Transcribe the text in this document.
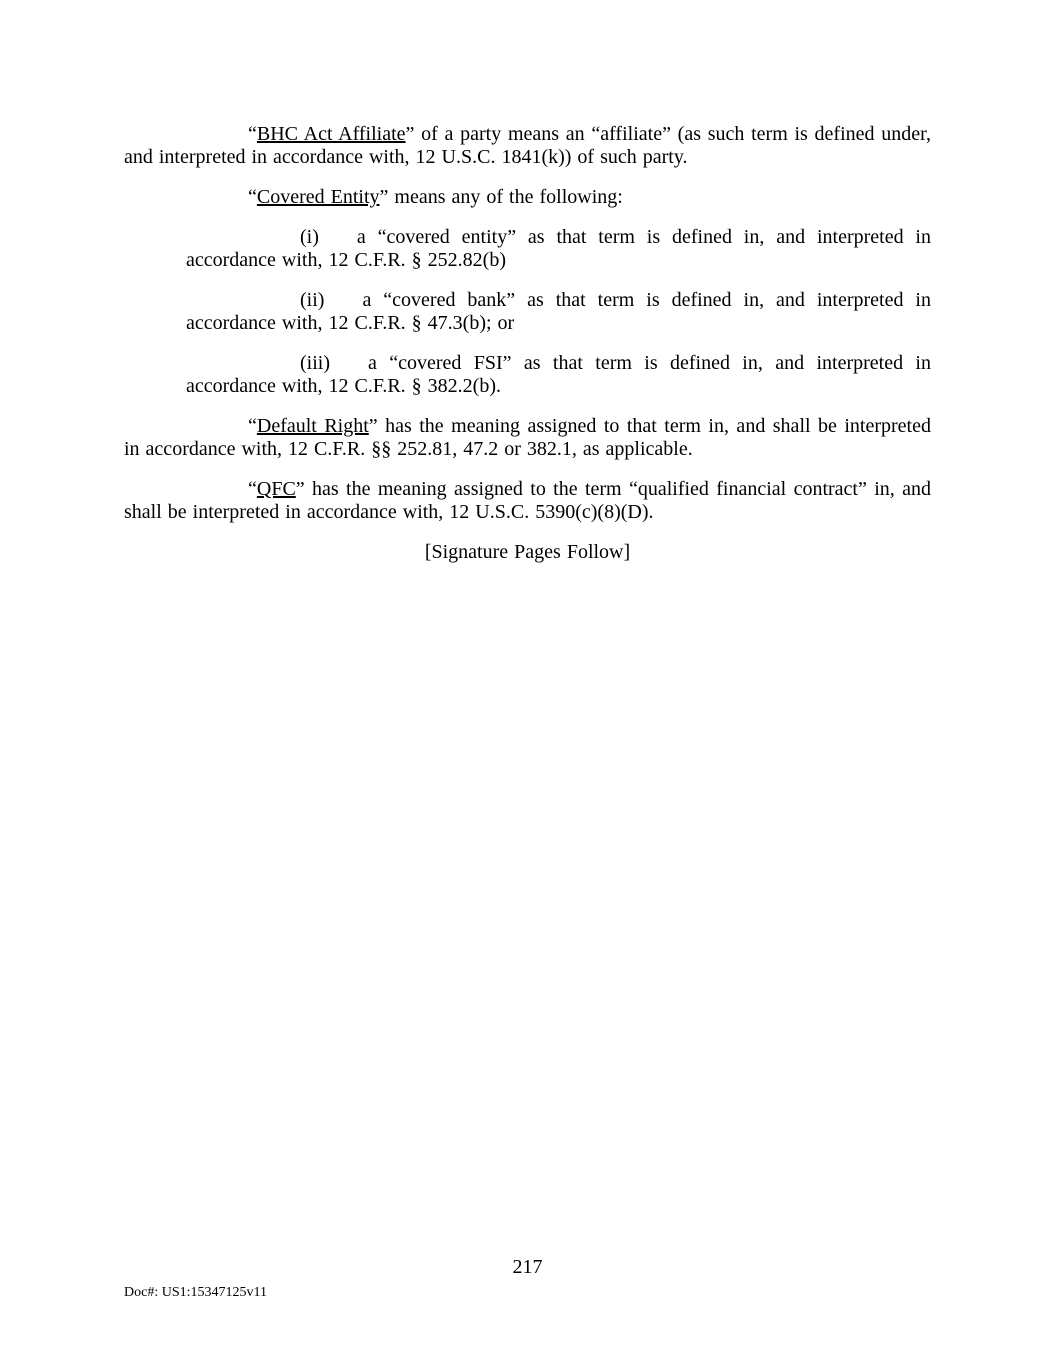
“BHC Act Affiliate” of a party means an “affiliate” (as such term is defined under, and interpreted in accordance with, 12 U.S.C. 1841(k)) of such party.

“Covered Entity” means any of the following:

(i) a “covered entity” as that term is defined in, and interpreted in accordance with, 12 C.F.R. § 252.82(b)

(ii) a “covered bank” as that term is defined in, and interpreted in accordance with, 12 C.F.R. § 47.3(b); or

(iii) a “covered FSI” as that term is defined in, and interpreted in accordance with, 12 C.F.R. § 382.2(b).

“Default Right” has the meaning assigned to that term in, and shall be interpreted in accordance with, 12 C.F.R. §§ 252.81, 47.2 or 382.1, as applicable.

“QFC” has the meaning assigned to the term “qualified financial contract” in, and shall be interpreted in accordance with, 12 U.S.C. 5390(c)(8)(D).

[Signature Pages Follow]

217
Doc#: US1:15347125v11
